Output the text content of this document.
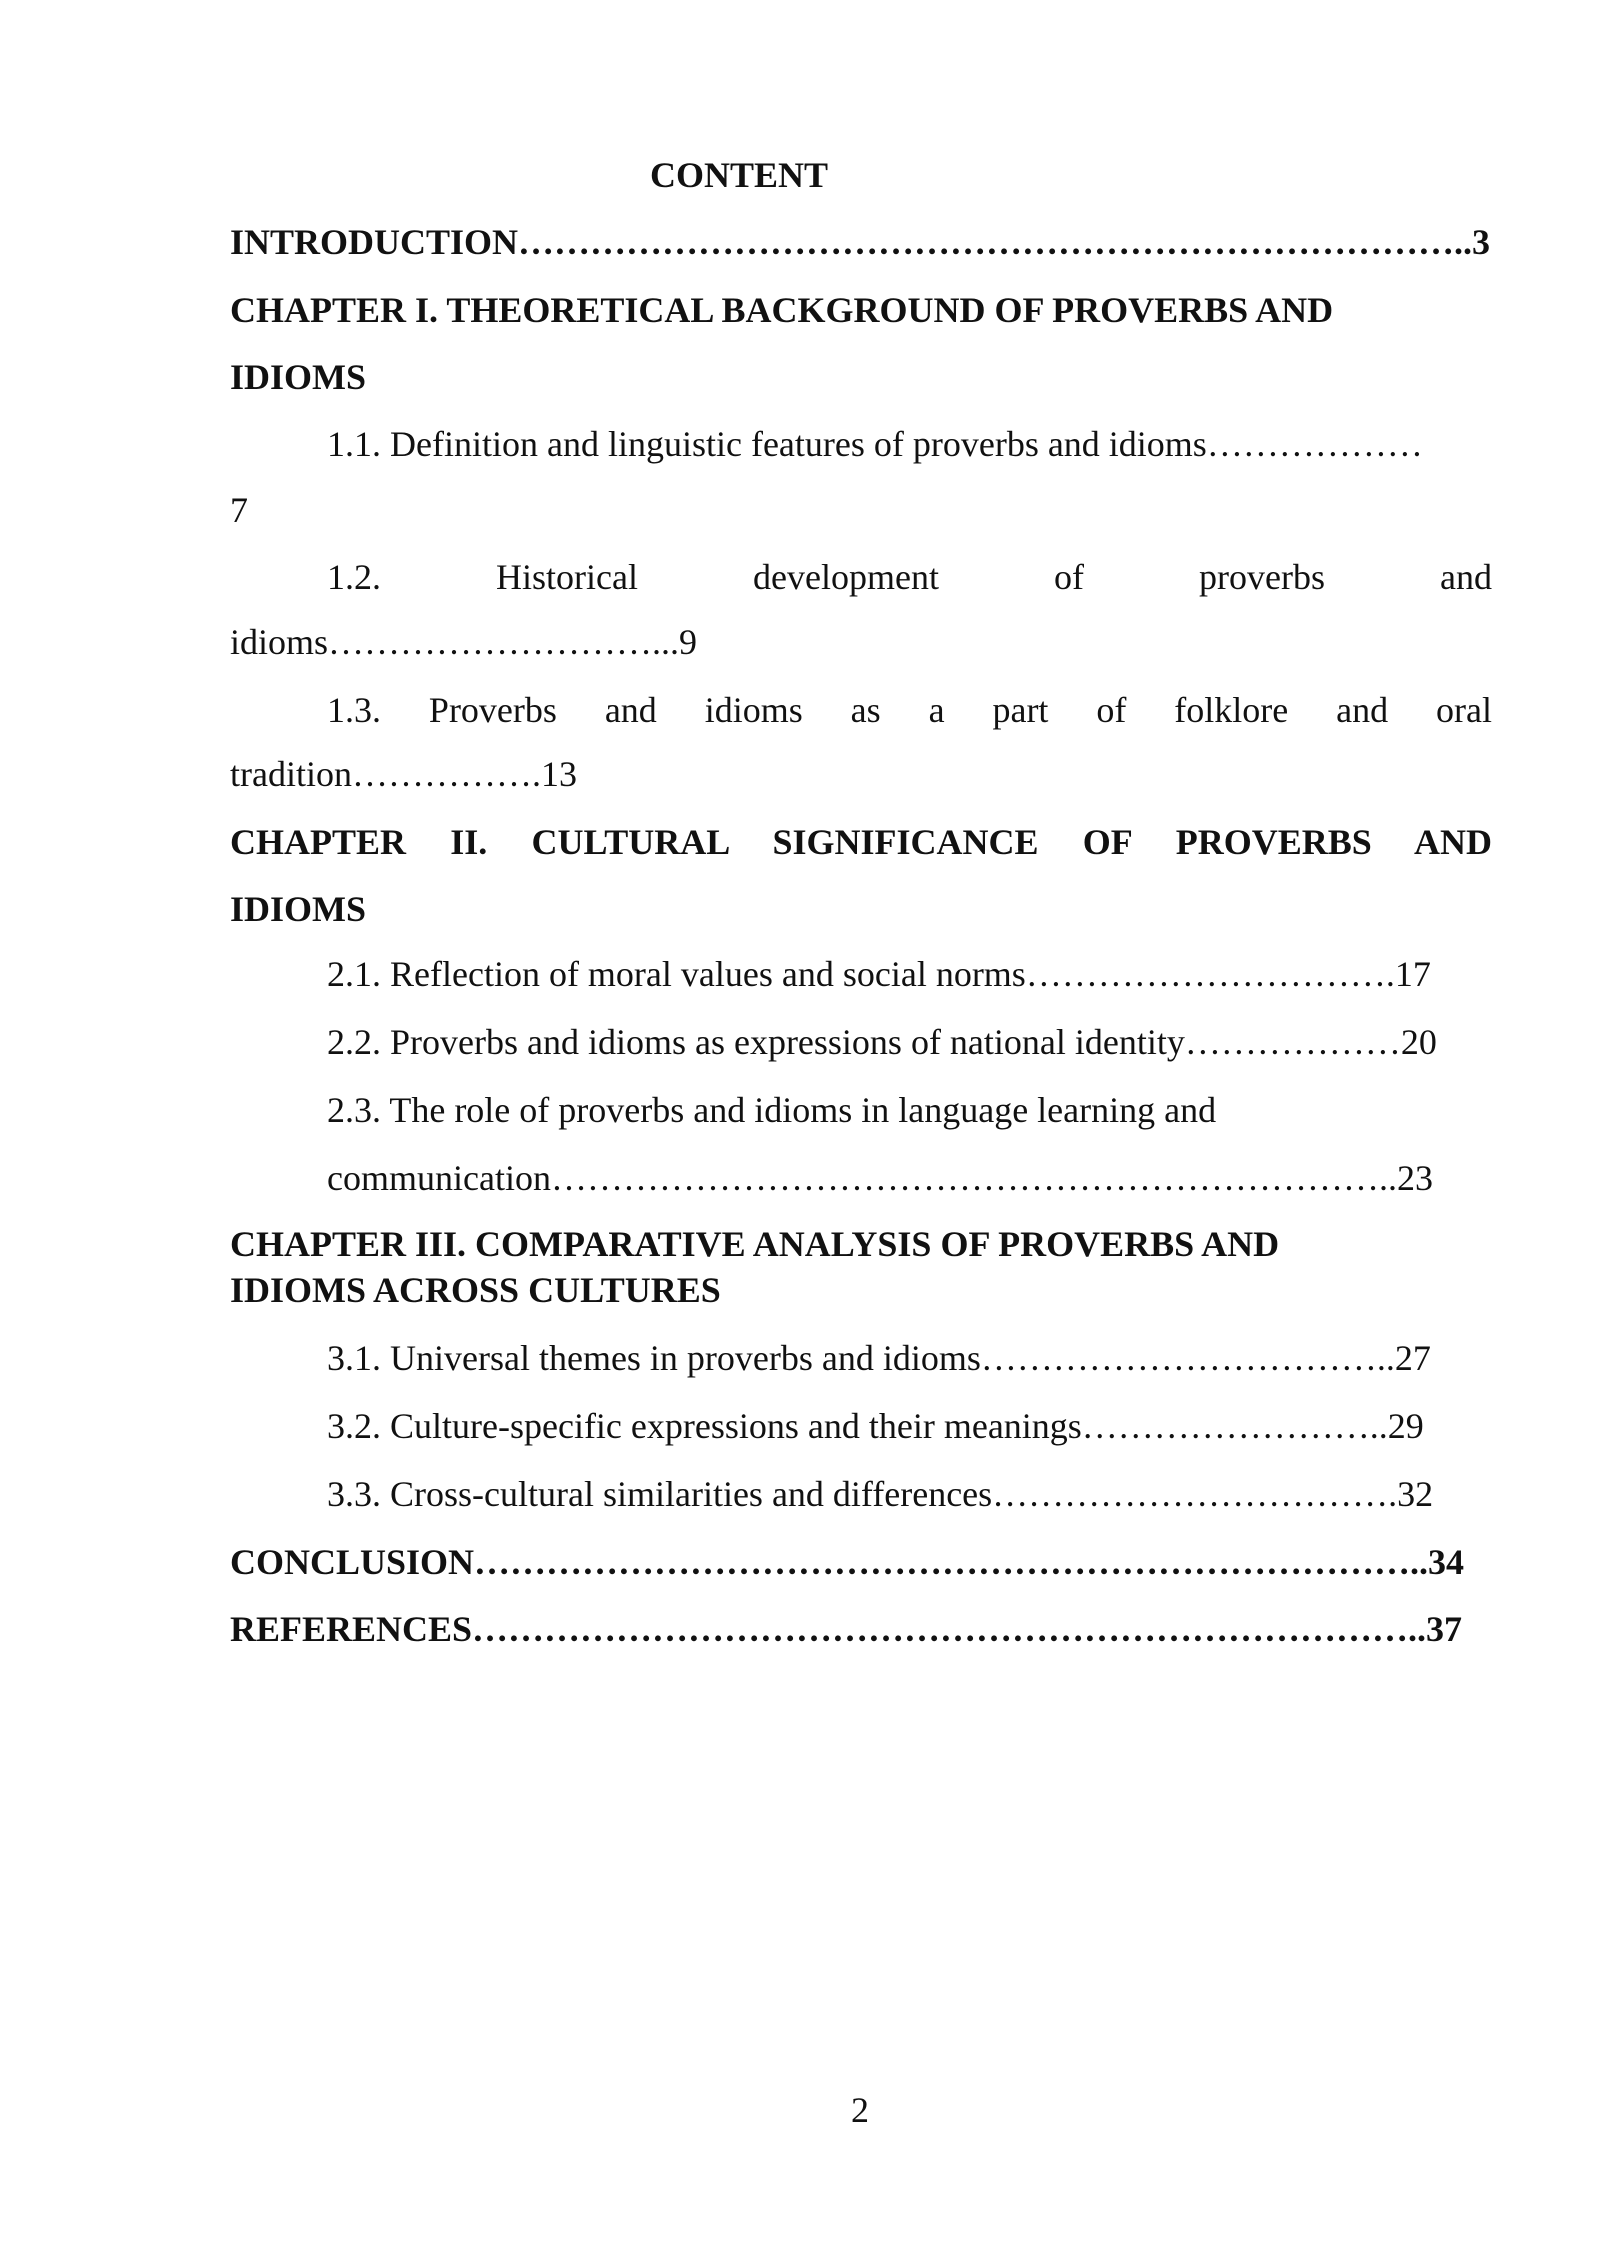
CONTENT
INTRODUCTION……………………………………………………………………..3
CHAPTER I. THEORETICAL BACKGROUND OF PROVERBS AND
IDIOMS
1.1. Definition and linguistic features of proverbs and idioms………………
7
1.2. Historical development of proverbs and
idioms………………………...9
1.3. Proverbs and idioms as a part of folklore and oral
tradition…………….13
CHAPTER II. CULTURAL SIGNIFICANCE OF PROVERBS AND
IDIOMS
2.1. Reflection of moral values and social norms………………………….17
2.2. Proverbs and idioms as expressions of national identity………………20
2.3. The role of proverbs and idioms in language learning and
communication……………………………………………………………..23
CHAPTER III. COMPARATIVE ANALYSIS OF PROVERBS AND
IDIOMS ACROSS CULTURES
3.1. Universal themes in proverbs and idioms……………………………..27
3.2. Culture-specific expressions and their meanings……………………..29
3.3. Cross-cultural similarities and differences…………………………….32
CONCLUSION……………………………………………………………………..34
REFERENCES……………………………………………………………………..37
2
